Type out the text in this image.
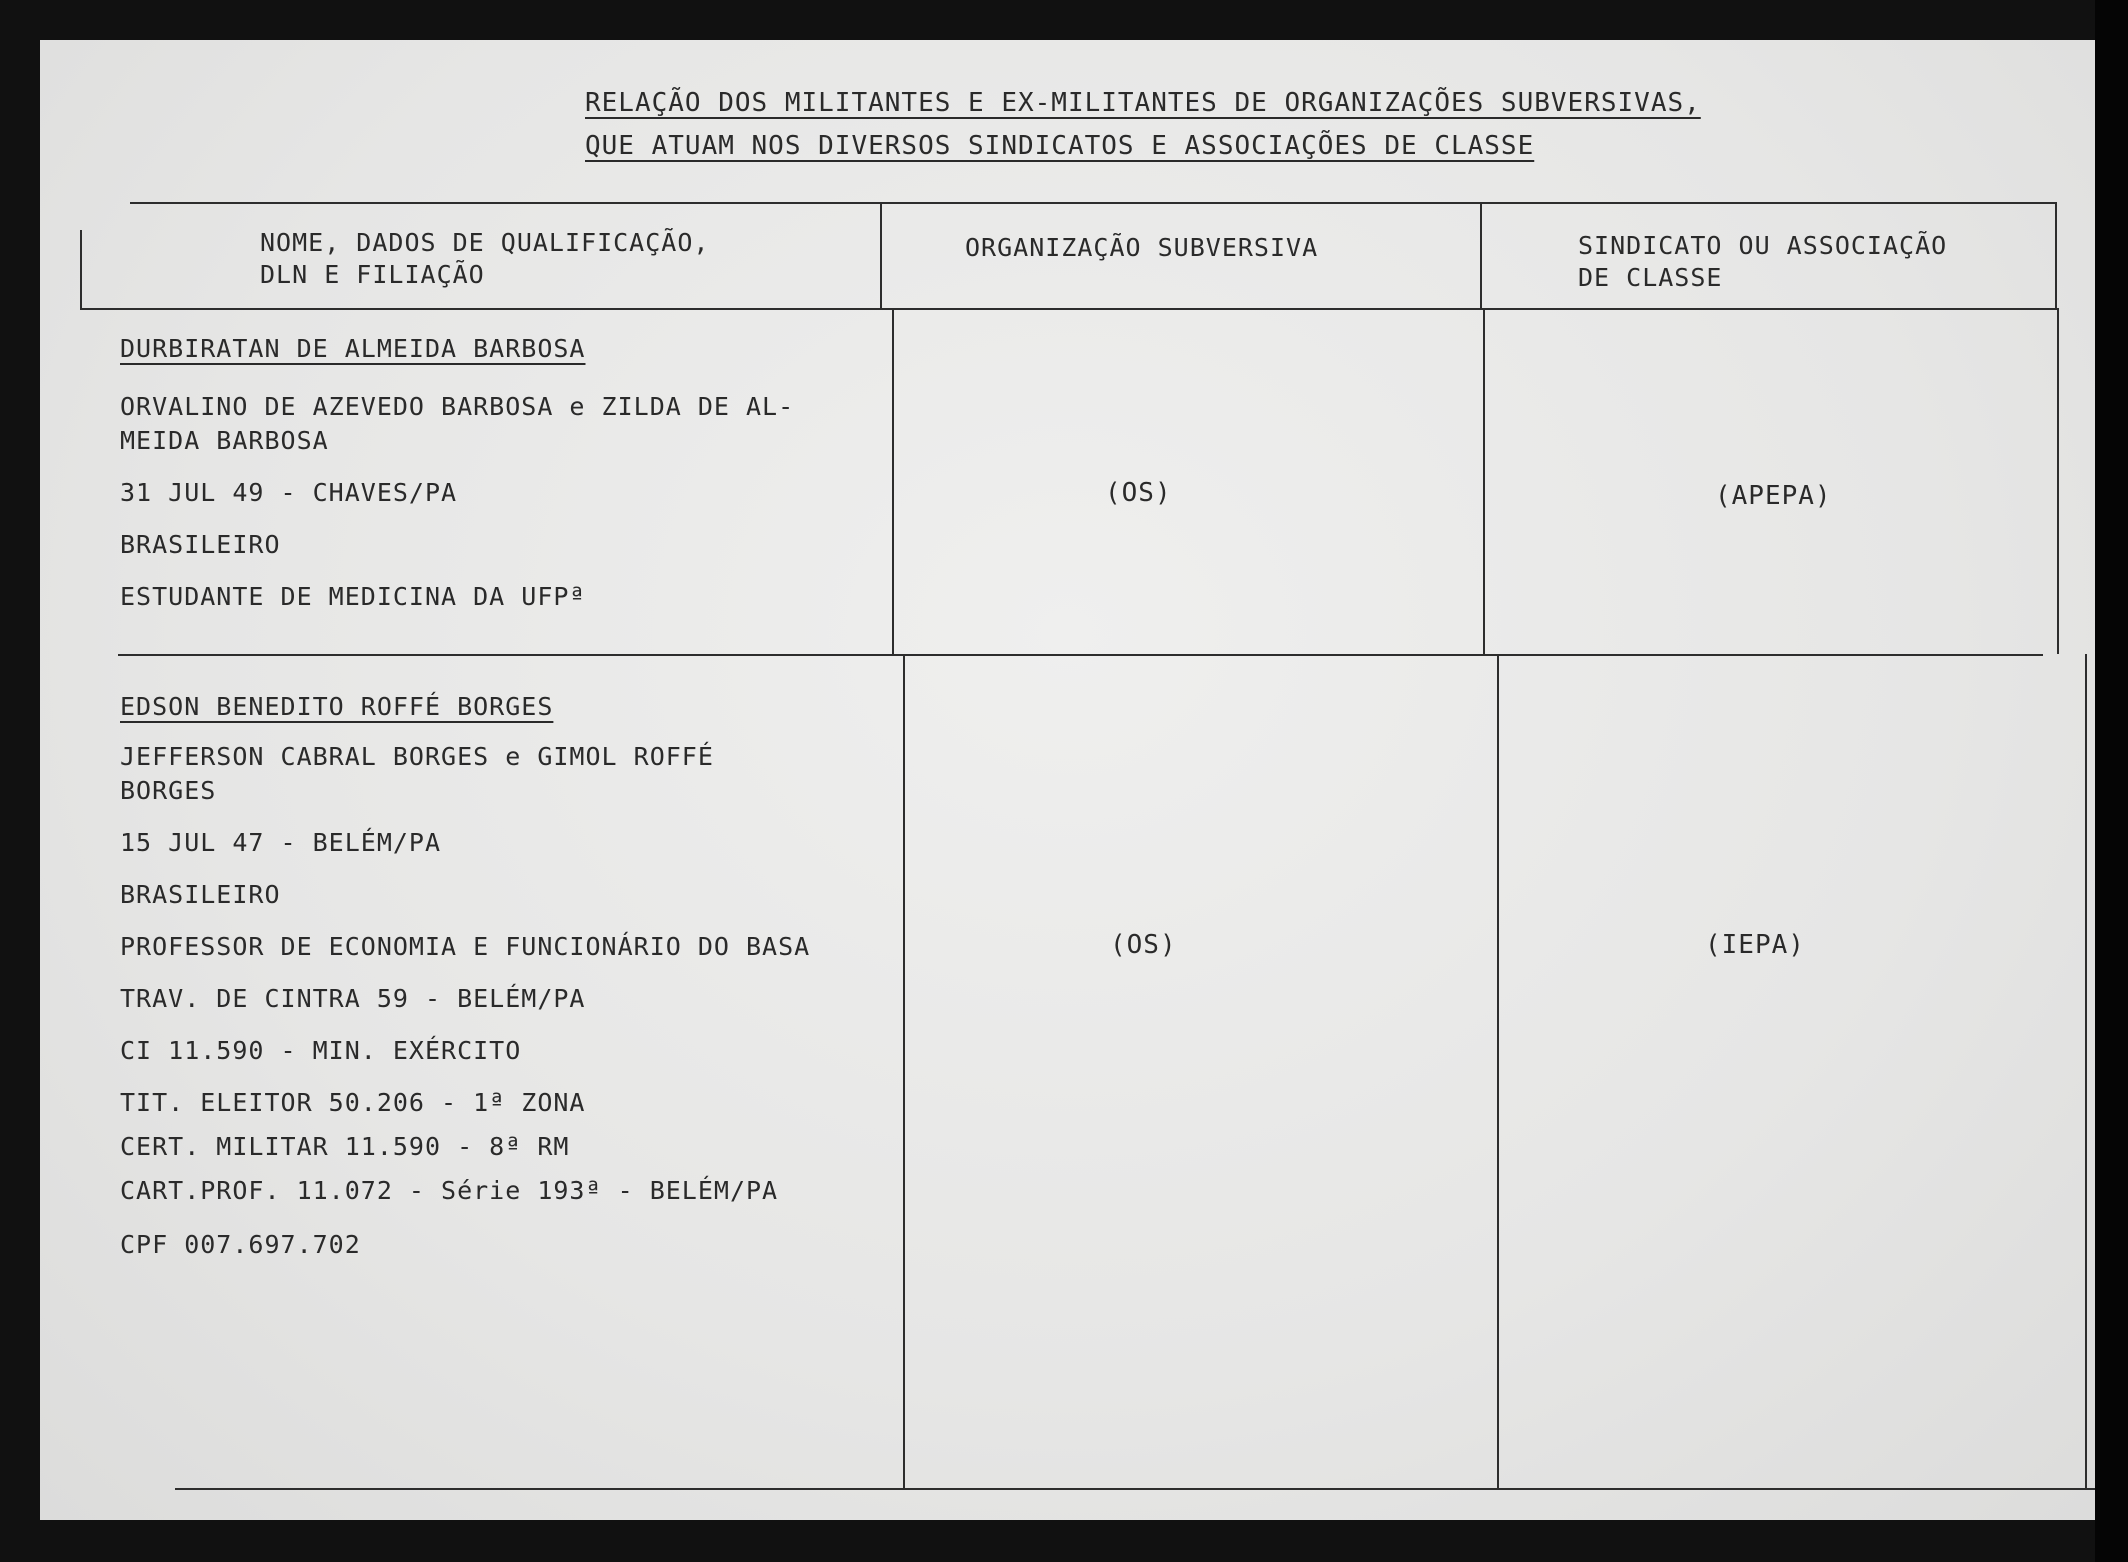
RELAÇÃO DOS MILITANTES E EX-MILITANTES DE ORGANIZAÇÕES SUBVERSIVAS,
QUE ATUAM NOS DIVERSOS SINDICATOS E ASSOCIAÇÕES DE CLASSE
NOME, DADOS DE QUALIFICAÇÃO,
DLN E FILIAÇÃO
ORGANIZAÇÃO SUBVERSIVA	SINDICATO OU ASSOCIAÇÃO
DE CLASSE
DURBIRATAN DE ALMEIDA BARBOSA
ORVALINO DE AZEVEDO BARBOSA e ZILDA DE AL-
MEIDA BARBOSA
31 JUL 49 - CHAVES/PA
BRASILEIRO
ESTUDANTE DE MEDICINA DA UFPª
(OS)	(APEPA)
EDSON BENEDITO ROFFÉ BORGES
JEFFERSON CABRAL BORGES e GIMOL ROFFÉ
BORGES
15 JUL 47 - BELÉM/PA
BRASILEIRO
PROFESSOR DE ECONOMIA E FUNCIONÁRIO DO BASA
TRAV. DE CINTRA 59 - BELÉM/PA
CI 11.590 - MIN. EXÉRCITO
TIT. ELEITOR 50.206 - 1ª ZONA
CERT. MILITAR 11.590 - 8ª RM
CART.PROF. 11.072 - Série 193ª - BELÉM/PA
CPF 007.697.702
(OS)	(IEPA)
